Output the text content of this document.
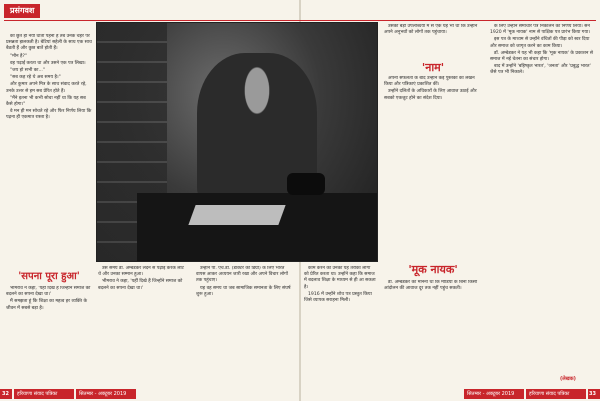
प्रसंगवश

को छूते ही नयी धोती पहनी है तब उनके चेहरे पर प्रसन्नता झलकती है। बेटियां सहेली के साथ एक साथ बैठती हैं और कुछ बातें होती हैं।

"मौन है?"

वह पढ़ाई करता था और उसने एक पत्र लिखा।

"जय हो सभी का..."

"सब कह रहे थे अब समय है।"

और कुमार अपने मित्र के साथ संवाद करते रहे, उनके उत्तर से हम सब प्रेरित होते हैं।

"मैंने इतना भी कभी सोचा नहीं था कि यह सब कैसे होगा।"

वे मन ही मन सोचते रहे और फिर निर्णय लिया कि पढ़ना ही एकमात्र रास्ता है।

'सपना पूरा हुआ'

भीमराव ने कहा, 'यहीं दिखे हैं जिन्होंने समाज को बदलने का सपना देखा था।'

मैं समझता हूं कि शिक्षा का महत्व हर व्यक्ति के जीवन में सबसे बड़ा है।

उस समय डॉ. अम्बेडकर लंदन से पढ़ाई करके लौटे थे और उनका सम्मान हुआ।

भीमराव ने कहा, 'यहीं दिखे हैं जिन्होंने समाज को बदलने का सपना देखा था।'

उन्होंने पी. एच.डी. (डॉक्टर की डिग्री) के लिए भारत वापस आकर अध्ययन जारी रखा और अपने विचार लोगों तक पहुंचाए।

यह वह समय था जब सामाजिक समानता के लिए संघर्ष शुरू हुआ।

काम करने का उनका यह तरीका लोगों को प्रेरित करता था। उन्होंने कहा कि समाज में बदलाव शिक्षा के माध्यम से ही आ सकता है।

1916 में उन्होंने शोध पत्र प्रस्तुत किया जिसे व्यापक सराहना मिली।

उसकी बड़ी उपलब्धियों में से एक यह भी थी कि उन्होंने अपने अनुभवों को लोगों तक पहुंचाया।

'नाम'

अपनी सफलता के बाद उन्होंने कई पुस्तकों का लेखन किया और पत्रिकाएं प्रकाशित कीं।

उन्होंने दलितों के अधिकारों के लिए आवाज उठाई और सबको एकजुट होने का संदेश दिया।

'मूक नायक'

डॉ. अम्बेडकर का मानना था कि मीडिया के बिना किसी आंदोलन की आवाज दूर तक नहीं पहुंच सकती।

के लिए उन्होंने समाचार पत्र निकालने का निर्णय लिया। सन 1920 में 'मूक नायक' नाम से पाक्षिक पत्र प्रारंभ किया गया।

इस पत्र के माध्यम से उन्होंने वंचितों की पीड़ा को स्वर दिया और समाज को जागृत करने का काम किया।

डॉ. अम्बेडकर ने यह भी कहा कि 'मूक नायक' के प्रकाशन से समाज में नई चेतना का संचार होगा।

बाद में उन्होंने 'बहिष्कृत भारत', 'जनता' और 'प्रबुद्ध भारत' जैसे पत्र भी निकाले।

(लेखक)
32 हरियाणा संवाद पत्रिका	सितम्बर - अक्टूबर 2019	सितम्बर - अक्टूबर 2019	हरियाणा संवाद पत्रिका	33
